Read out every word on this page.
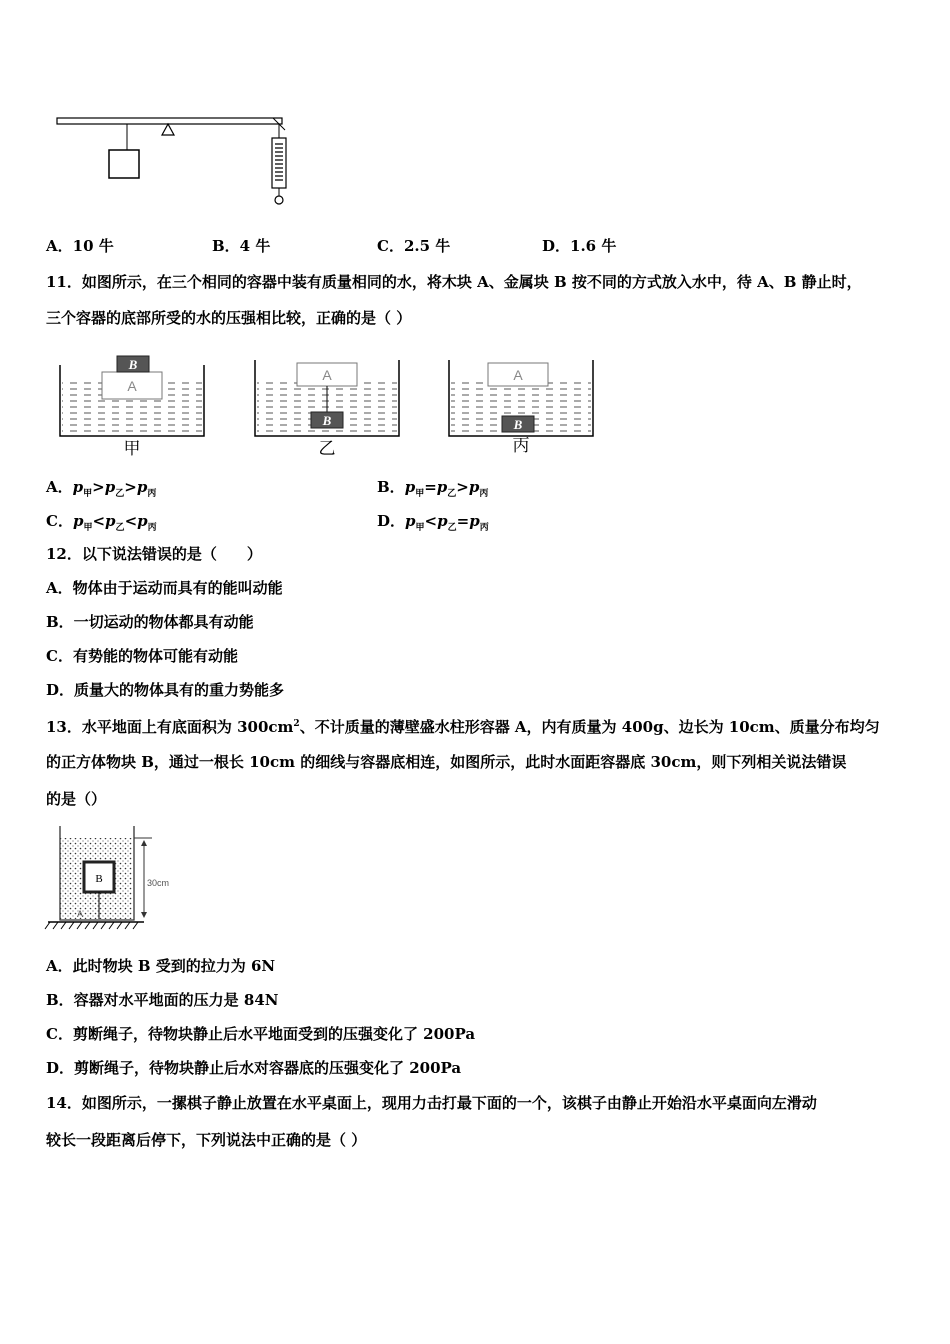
A．10 牛	B．4 牛	C．2.5 牛	D．1.6 牛
11．如图所示，在三个相同的容器中装有质量相同的水，将木块 A、金属块 B 按不同的方式放入水中，待 A、B 静止时，
三个容器的底部所受的水的压强相比较，正确的是（ ）
A
B
甲
A
B
乙
A
B
丙
A．$p_甲>p_乙>p_丙$	B．$p_甲=p_乙>p_丙$
C．$p_甲<p_乙<p_丙$	D．$p_甲<p_乙=p_丙$
12．以下说法错误的是（　　）
A．物体由于运动而具有的能叫动能
B．一切运动的物体都具有动能
C．有势能的物体可能有动能
D．质量大的物体具有的重力势能多
13．水平地面上有底面积为 $300cm^2$、不计质量的薄壁盛水柱形容器 A，内有质量为 400g、边长为 10cm、质量分布均匀
的正方体物块 B，通过一根长 10cm 的细线与容器底相连，如图所示，此时水面距容器底 30cm，则下列相关说法错误
的是（）
30cm
B
A
A．此时物块 B 受到的拉力为 6N
B．容器对水平地面的压力是 84N
C．剪断绳子，待物块静止后水平地面受到的压强变化了 200Pa
D．剪断绳子，待物块静止后水对容器底的压强变化了 200Pa
14．如图所示，一摞棋子静止放置在水平桌面上，现用力击打最下面的一个，该棋子由静止开始沿水平桌面向左滑动
较长一段距离后停下，下列说法中正确的是（ ）
